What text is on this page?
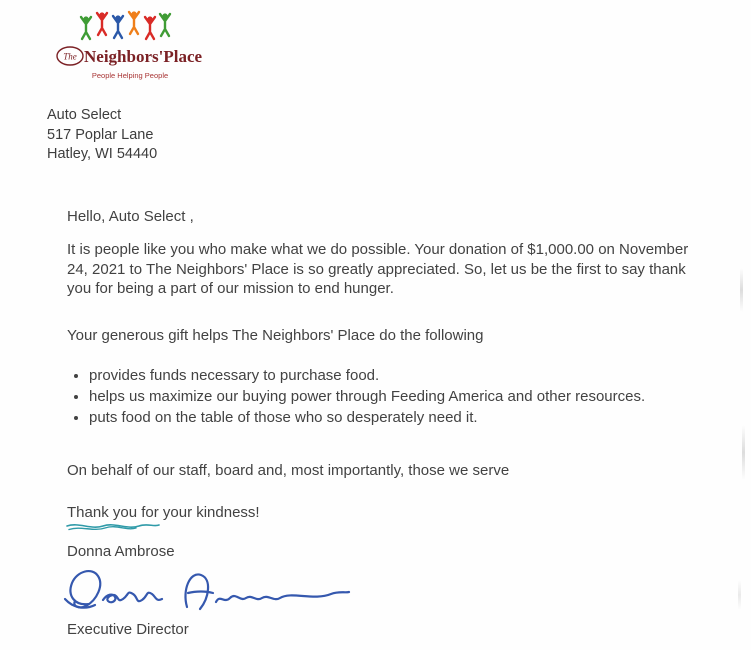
The Neighbors'Place
People Helping People
Auto Select
517 Poplar Lane
Hatley, WI 54440
Hello, Auto Select ,
It is people like you who make what we do possible. Your donation of $1,000.00 on November 24, 2021 to The Neighbors' Place is so greatly appreciated. So, let us be the first to say thank you for being a part of our mission to end hunger.
Your generous gift helps The Neighbors' Place do the following
• provides funds necessary to purchase food.
• helps us maximize our buying power through Feeding America and other resources.
• puts food on the table of those who so desperately need it.
On behalf of our staff, board and, most importantly, those we serve
Thank you for your kindness!
Donna Ambrose
Executive Director
